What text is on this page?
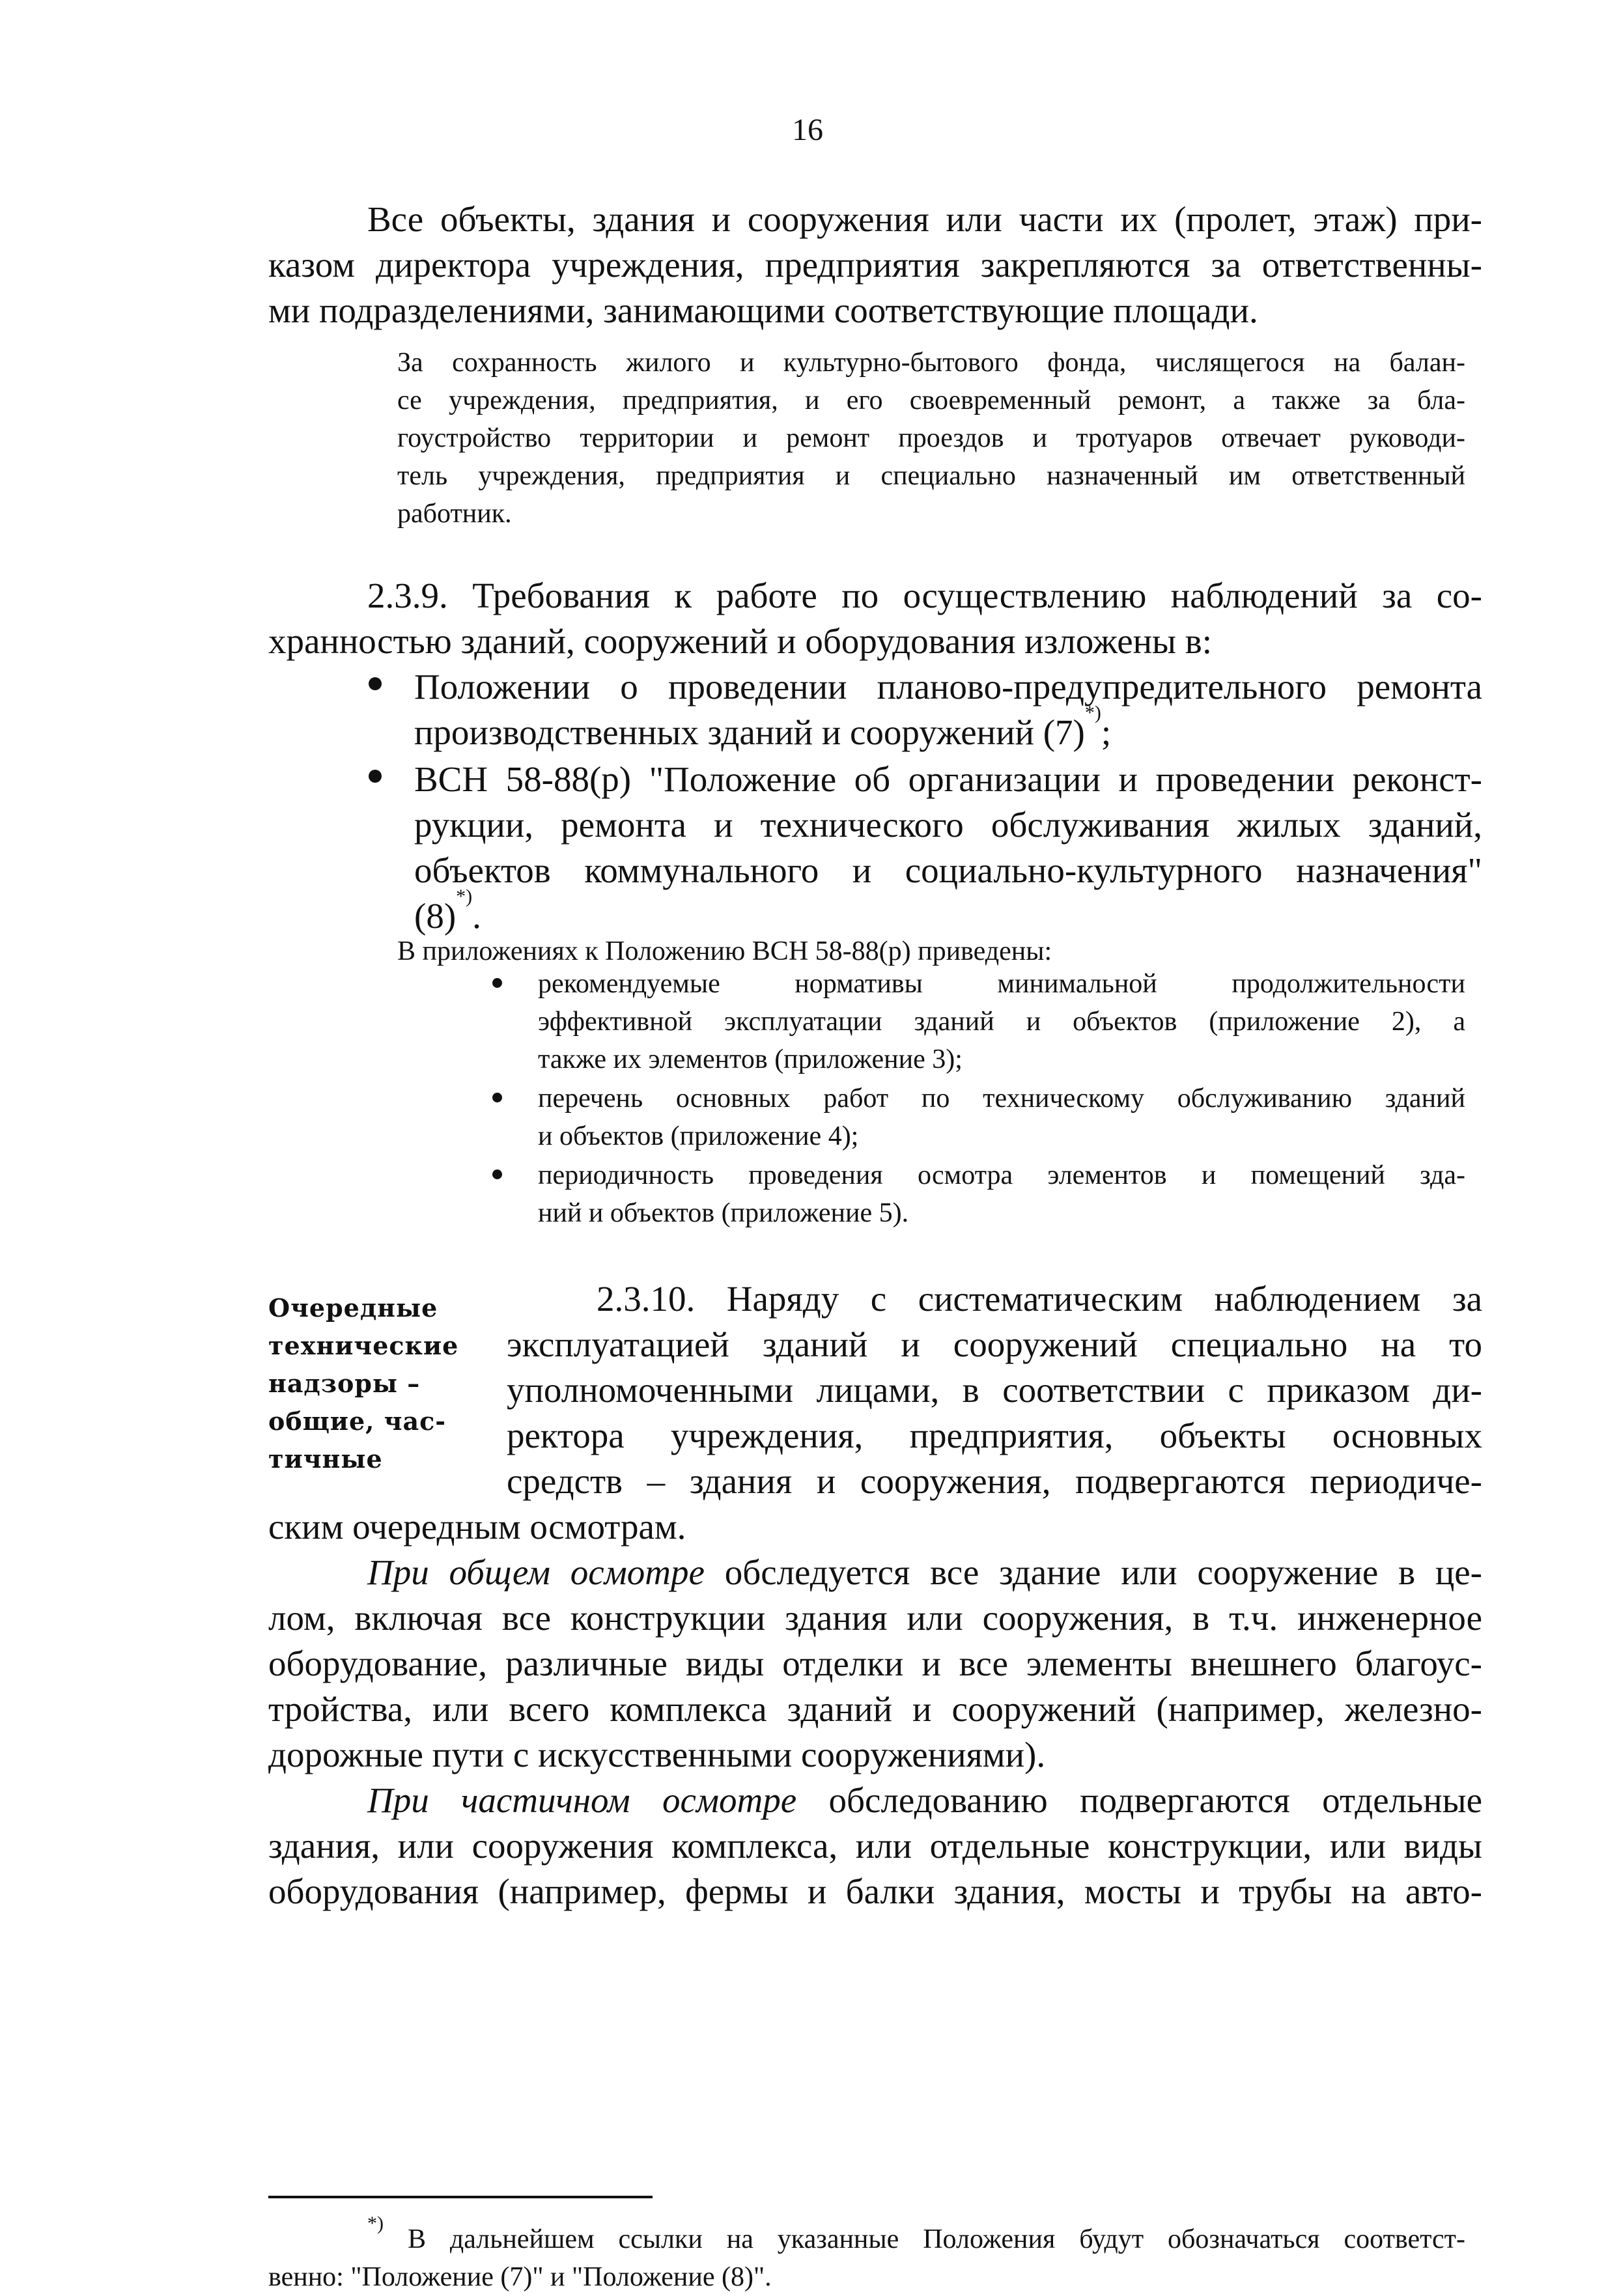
16
Все объекты, здания и сооружения или части их (пролет, этаж) при-
казом директора учреждения, предприятия закрепляются за ответственны-
ми подразделениями, занимающими соответствующие площади.
За сохранность жилого и культурно-бытового фонда, числящегося на балан-
се учреждения, предприятия, и его своевременный ремонт, а также за бла-
гоустройство территории и ремонт проездов и тротуаров отвечает руководи-
тель учреждения, предприятия и специально назначенный им ответственный
работник.
2.3.9. Требования к работе по осуществлению наблюдений за со-
хранностью зданий, сооружений и оборудования изложены в:
Положении о проведении планово-предупредительного ремонта
производственных зданий и сооружений (7)*);
ВСН 58-88(р) "Положение об организации и проведении реконст-
рукции, ремонта и технического обслуживания жилых зданий,
объектов коммунального и социально-культурного назначения"
(8)*).
В приложениях к Положению ВСН 58-88(р) приведены:
рекомендуемые нормативы минимальной продолжительности
эффективной эксплуатации зданий и объектов (приложение 2), а
также их элементов (приложение 3);
перечень основных работ по техническому обслуживанию зданий
и объектов (приложение 4);
периодичность проведения осмотра элементов и помещений зда-
ний и объектов (приложение 5).
Очередные
технические
надзоры –
общие, час-
тичные
2.3.10. Наряду с систематическим наблюдением за
эксплуатацией зданий и сооружений специально на то
уполномоченными лицами, в соответствии с приказом ди-
ректора учреждения, предприятия, объекты основных
средств – здания и сооружения, подвергаются периодиче-
ским очередным осмотрам.
При общем осмотре обследуется все здание или сооружение в це-
лом, включая все конструкции здания или сооружения, в т.ч. инженерное
оборудование, различные виды отделки и все элементы внешнего благоус-
тройства, или всего комплекса зданий и сооружений (например, железно-
дорожные пути с искусственными сооружениями).
При частичном осмотре обследованию подвергаются отдельные
здания, или сооружения комплекса, или отдельные конструкции, или виды
оборудования (например, фермы и балки здания, мосты и трубы на авто-
*) В дальнейшем ссылки на указанные Положения будут обозначаться соответст-
венно: "Положение (7)" и "Положение (8)".
